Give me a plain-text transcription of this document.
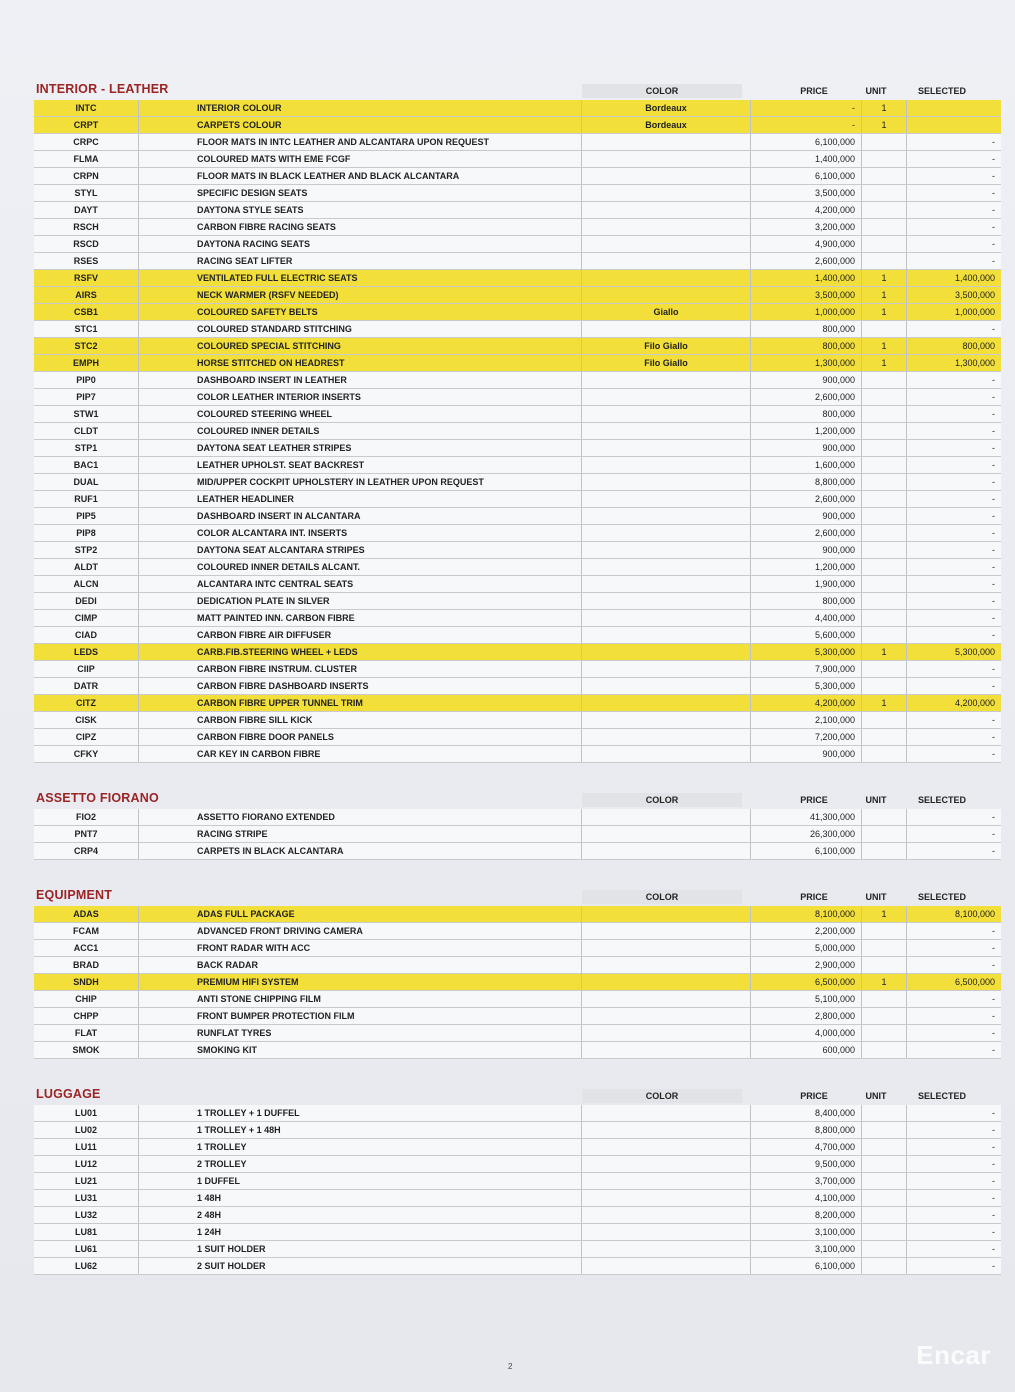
INTERIOR - LEATHER	COLOR	PRICE	UNIT	SELECTED
INTC	INTERIOR COLOUR	Bordeaux	-	1	
CRPT	CARPETS COLOUR	Bordeaux	-	1	
CRPC	FLOOR MATS IN INTC LEATHER AND ALCANTARA UPON REQUEST		6,100,000		-
FLMA	COLOURED MATS WITH EME FCGF		1,400,000		-
CRPN	FLOOR MATS IN BLACK LEATHER AND BLACK ALCANTARA		6,100,000		-
STYL	SPECIFIC DESIGN SEATS		3,500,000		-
DAYT	DAYTONA STYLE SEATS		4,200,000		-
RSCH	CARBON FIBRE RACING SEATS		3,200,000		-
RSCD	DAYTONA RACING SEATS		4,900,000		-
RSES	RACING SEAT LIFTER		2,600,000		-
RSFV	VENTILATED FULL ELECTRIC SEATS		1,400,000	1	1,400,000
AIRS	NECK WARMER (RSFV NEEDED)		3,500,000	1	3,500,000
CSB1	COLOURED SAFETY BELTS	Giallo	1,000,000	1	1,000,000
STC1	COLOURED STANDARD STITCHING		800,000		-
STC2	COLOURED SPECIAL STITCHING	Filo Giallo	800,000	1	800,000
EMPH	HORSE STITCHED ON HEADREST	Filo Giallo	1,300,000	1	1,300,000
PIP0	DASHBOARD INSERT IN LEATHER		900,000		-
PIP7	COLOR LEATHER INTERIOR INSERTS		2,600,000		-
STW1	COLOURED STEERING WHEEL		800,000		-
CLDT	COLOURED INNER DETAILS		1,200,000		-
STP1	DAYTONA SEAT LEATHER STRIPES		900,000		-
BAC1	LEATHER UPHOLST. SEAT BACKREST		1,600,000		-
DUAL	MID/UPPER COCKPIT UPHOLSTERY IN LEATHER UPON REQUEST		8,800,000		-
RUF1	LEATHER HEADLINER		2,600,000		-
PIP5	DASHBOARD INSERT IN ALCANTARA		900,000		-
PIP8	COLOR ALCANTARA INT. INSERTS		2,600,000		-
STP2	DAYTONA SEAT ALCANTARA STRIPES		900,000		-
ALDT	COLOURED INNER DETAILS ALCANT.		1,200,000		-
ALCN	ALCANTARA INTC CENTRAL SEATS		1,900,000		-
DEDI	DEDICATION PLATE IN SILVER		800,000		-
CIMP	MATT PAINTED INN. CARBON FIBRE		4,400,000		-
CIAD	CARBON FIBRE AIR DIFFUSER		5,600,000		-
LEDS	CARB.FIB.STEERING WHEEL + LEDS		5,300,000	1	5,300,000
CIIP	CARBON FIBRE INSTRUM. CLUSTER		7,900,000		-
DATR	CARBON FIBRE DASHBOARD INSERTS		5,300,000		-
CITZ	CARBON FIBRE UPPER TUNNEL TRIM		4,200,000	1	4,200,000
CISK	CARBON FIBRE SILL KICK		2,100,000		-
CIPZ	CARBON FIBRE DOOR PANELS		7,200,000		-
CFKY	CAR KEY IN CARBON FIBRE		900,000		-
ASSETTO FIORANO	COLOR	PRICE	UNIT	SELECTED
FIO2	ASSETTO FIORANO EXTENDED		41,300,000		-
PNT7	RACING STRIPE		26,300,000		-
CRP4	CARPETS IN BLACK ALCANTARA		6,100,000		-
EQUIPMENT	COLOR	PRICE	UNIT	SELECTED
ADAS	ADAS FULL PACKAGE		8,100,000	1	8,100,000
FCAM	ADVANCED FRONT DRIVING CAMERA		2,200,000		-
ACC1	FRONT RADAR WITH ACC		5,000,000		-
BRAD	BACK RADAR		2,900,000		-
SNDH	PREMIUM HIFI SYSTEM		6,500,000	1	6,500,000
CHIP	ANTI STONE CHIPPING FILM		5,100,000		-
CHPP	FRONT BUMPER PROTECTION FILM		2,800,000		-
FLAT	RUNFLAT TYRES		4,000,000		-
SMOK	SMOKING KIT		600,000		-
LUGGAGE	COLOR	PRICE	UNIT	SELECTED
LU01	1 TROLLEY + 1 DUFFEL		8,400,000		-
LU02	1 TROLLEY + 1 48H		8,800,000		-
LU11	1 TROLLEY		4,700,000		-
LU12	2 TROLLEY		9,500,000		-
LU21	1 DUFFEL		3,700,000		-
LU31	1 48H		4,100,000		-
LU32	2 48H		8,200,000		-
LU81	1 24H		3,100,000		-
LU61	1 SUIT HOLDER		3,100,000		-
LU62	2 SUIT HOLDER		6,100,000		-
2	Encar
